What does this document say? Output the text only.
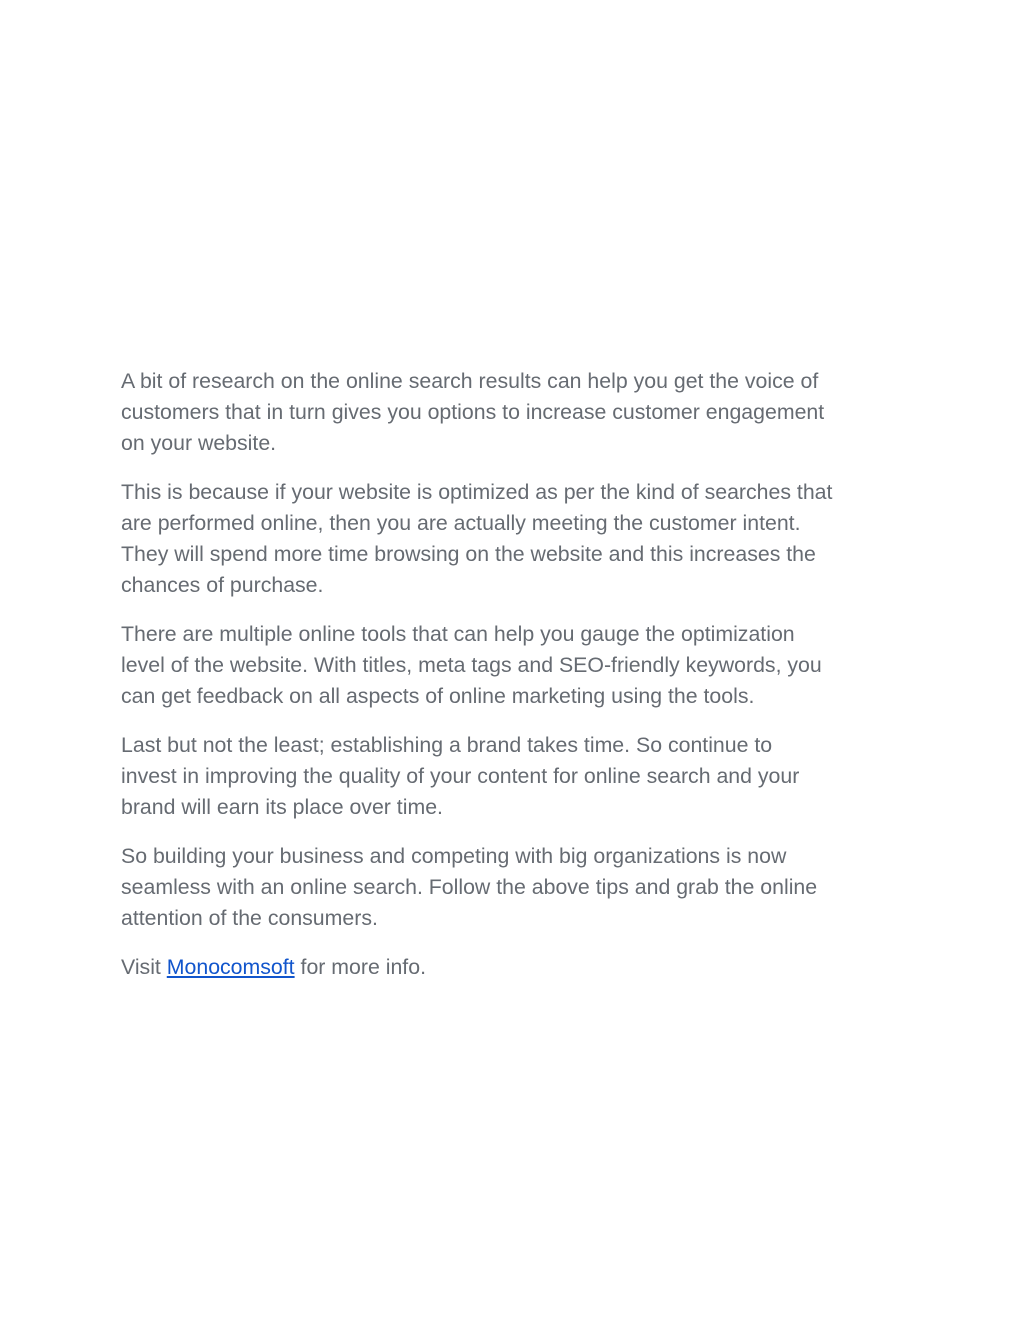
A bit of research on the online search results can help you get the voice of
customers that in turn gives you options to increase customer engagement
on your website.

This is because if your website is optimized as per the kind of searches that
are performed online, then you are actually meeting the customer intent.
They will spend more time browsing on the website and this increases the
chances of purchase.

There are multiple online tools that can help you gauge the optimization
level of the website. With titles, meta tags and SEO-friendly keywords, you
can get feedback on all aspects of online marketing using the tools.

Last but not the least; establishing a brand takes time. So continue to
invest in improving the quality of your content for online search and your
brand will earn its place over time.

So building your business and competing with big organizations is now
seamless with an online search. Follow the above tips and grab the online
attention of the consumers.

Visit Monocomsoft for more info.
